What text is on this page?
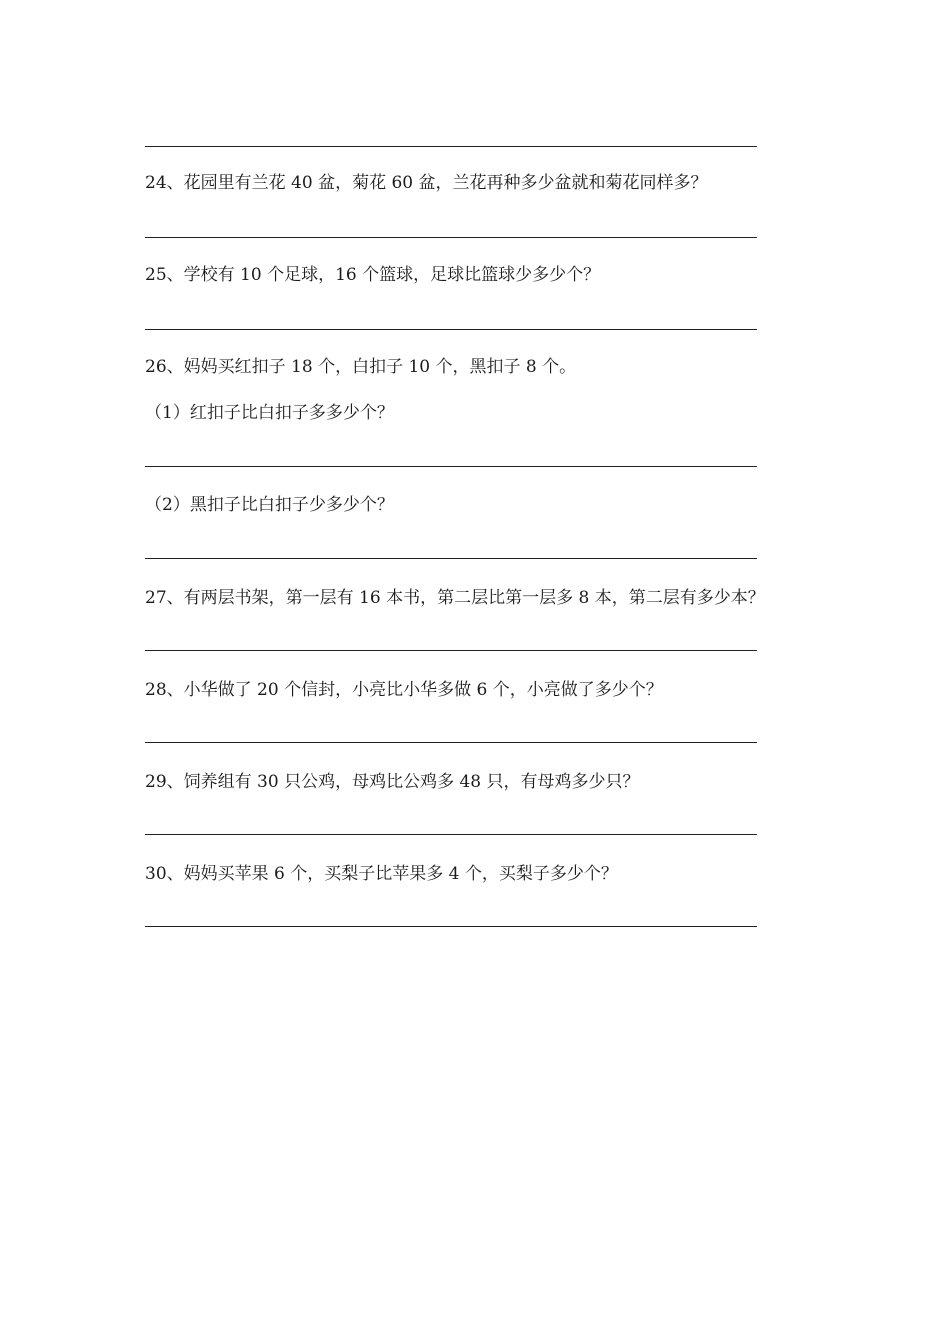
24、花园里有兰花 40 盆，菊花 60 盆，兰花再种多少盆就和菊花同样多？
25、学校有 10 个足球，16 个篮球，足球比篮球少多少个？
26、妈妈买红扣子 18 个，白扣子 10 个，黑扣子 8 个。
（1）红扣子比白扣子多多少个？
（2）黑扣子比白扣子少多少个？
27、有两层书架，第一层有 16 本书，第二层比第一层多 8 本，第二层有多少本？
28、小华做了 20 个信封，小亮比小华多做 6 个，小亮做了多少个？
29、饲养组有 30 只公鸡，母鸡比公鸡多 48 只，有母鸡多少只？
30、妈妈买苹果 6 个，买梨子比苹果多 4 个，买梨子多少个？
